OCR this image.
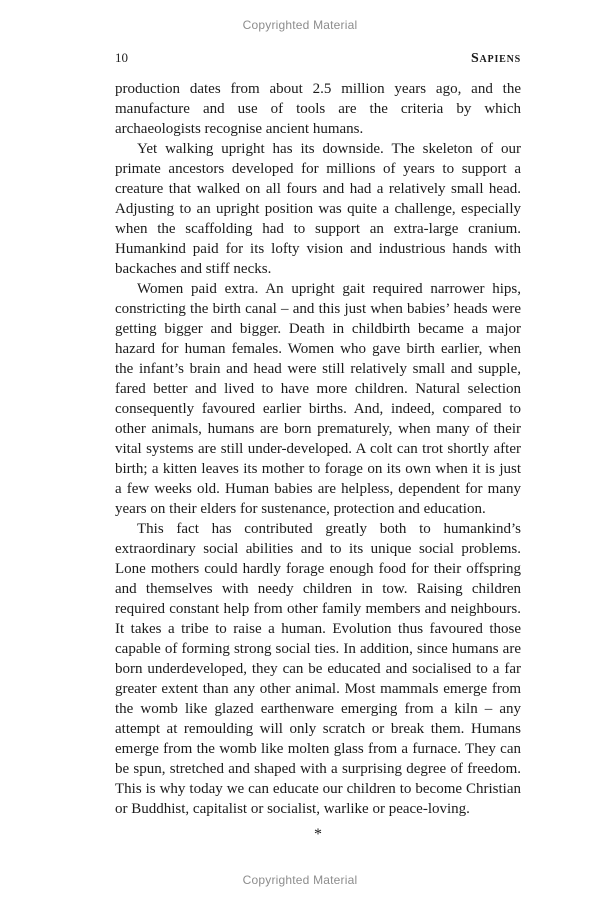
Copyrighted Material
10	Sapiens

production dates from about 2.5 million years ago, and the manufacture and use of tools are the criteria by which archaeologists recognise ancient humans.

Yet walking upright has its downside. The skeleton of our primate ancestors developed for millions of years to support a creature that walked on all fours and had a relatively small head. Adjusting to an upright position was quite a challenge, especially when the scaffolding had to support an extra-large cranium. Humankind paid for its lofty vision and industrious hands with backaches and stiff necks.

Women paid extra. An upright gait required narrower hips, constricting the birth canal – and this just when babies’ heads were getting bigger and bigger. Death in childbirth became a major hazard for human females. Women who gave birth earlier, when the infant’s brain and head were still relatively small and supple, fared better and lived to have more children. Natural selection consequently favoured earlier births. And, indeed, compared to other animals, humans are born prematurely, when many of their vital systems are still under-developed. A colt can trot shortly after birth; a kitten leaves its mother to forage on its own when it is just a few weeks old. Human babies are helpless, dependent for many years on their elders for sustenance, protection and education.

This fact has contributed greatly both to humankind’s extraordinary social abilities and to its unique social problems. Lone mothers could hardly forage enough food for their offspring and themselves with needy children in tow. Raising children required constant help from other family members and neighbours. It takes a tribe to raise a human. Evolution thus favoured those capable of forming strong social ties. In addition, since humans are born underdeveloped, they can be educated and socialised to a far greater extent than any other animal. Most mammals emerge from the womb like glazed earthenware emerging from a kiln – any attempt at remoulding will only scratch or break them. Humans emerge from the womb like molten glass from a furnace. They can be spun, stretched and shaped with a surprising degree of freedom. This is why today we can educate our children to become Christian or Buddhist, capitalist or socialist, warlike or peace-loving.

*
Copyrighted Material
